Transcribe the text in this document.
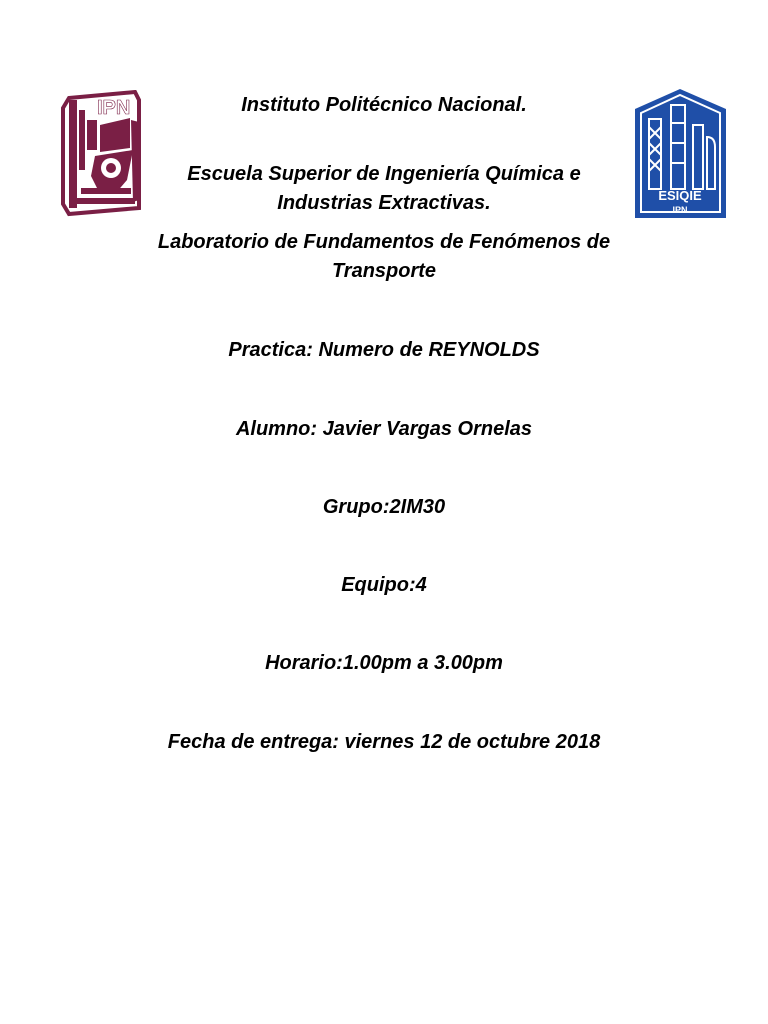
IPN
ESIQIE
IPN
Instituto Politécnico Nacional.
Escuela Superior de Ingeniería Química e
Industrias Extractivas.
Laboratorio de Fundamentos de Fenómenos de
Transporte
Practica: Numero de REYNOLDS
Alumno: Javier Vargas Ornelas
Grupo:2IM30
Equipo:4
Horario:1.00pm a 3.00pm
Fecha de entrega: viernes 12 de octubre 2018
